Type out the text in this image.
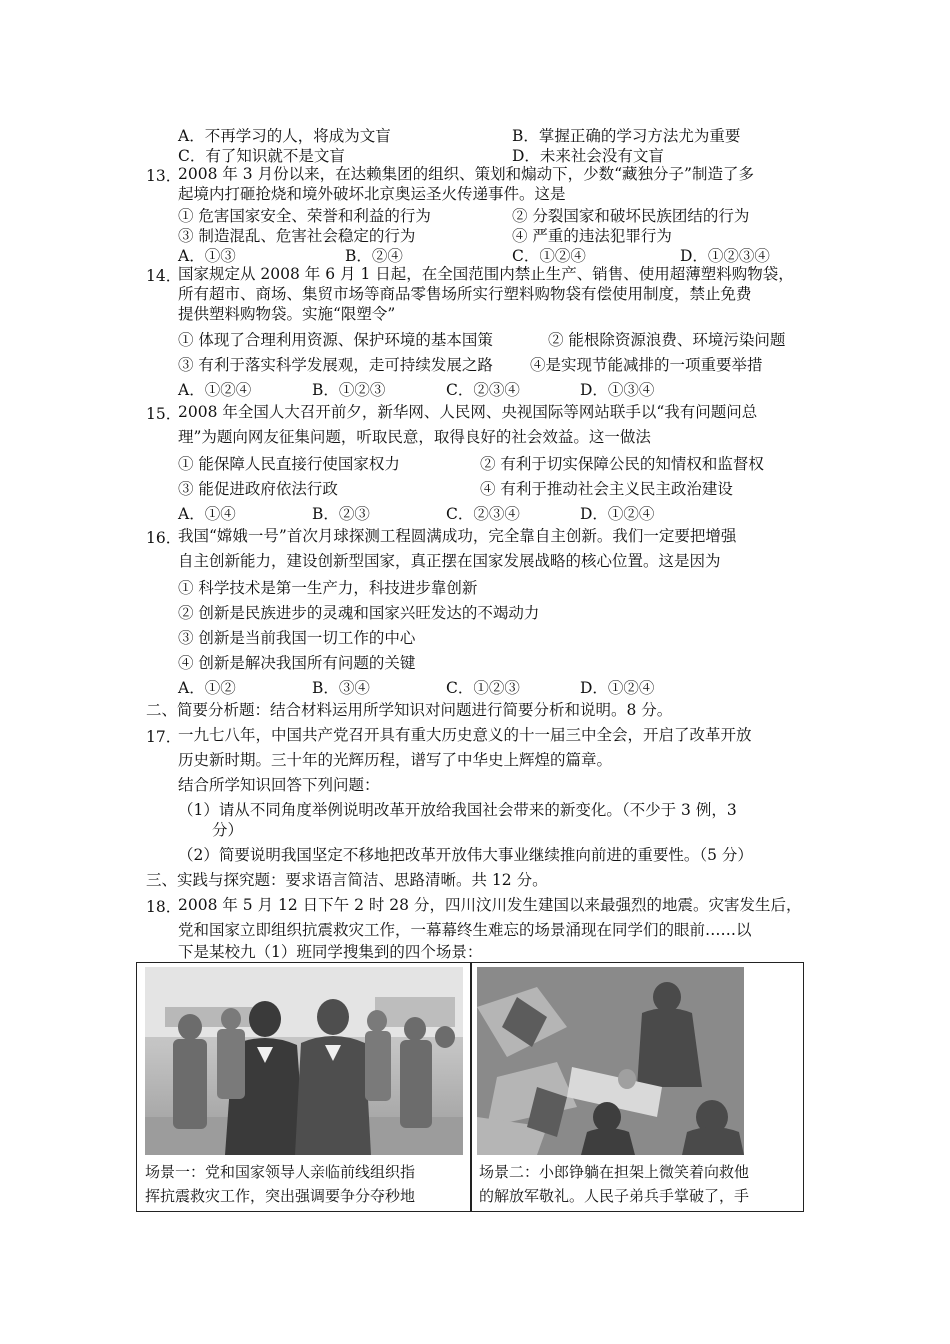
A．不再学习的人，将成为文盲	B．掌握正确的学习方法尤为重要
C．有了知识就不是文盲	D．未来社会没有文盲
13．
2008 年 3 月份以来，在达赖集团的组织、策划和煽动下，少数“藏独分子”制造了多
起境内打砸抢烧和境外破坏北京奥运圣火传递事件。这是
① 危害国家安全、荣誉和利益的行为	② 分裂国家和破坏民族团结的行为
③ 制造混乱、危害社会稳定的行为	④ 严重的违法犯罪行为
A．①③	B．②④	C．①②④	D．①②③④
14．
国家规定从 2008 年 6 月 1 日起，在全国范围内禁止生产、销售、使用超薄塑料购物袋，
所有超市、商场、集贸市场等商品零售场所实行塑料购物袋有偿使用制度，禁止免费
提供塑料购物袋。实施“限塑令”
① 体现了合理利用资源、保护环境的基本国策	② 能根除资源浪费、环境污染问题
③ 有利于落实科学发展观，走可持续发展之路 ④是实现节能减排的一项重要举措
A．①②④	B．①②③	C．②③④	D．①③④
15．
2008 年全国人大召开前夕，新华网、人民网、央视国际等网站联手以“我有问题问总
理”为题向网友征集问题，听取民意，取得良好的社会效益。这一做法
① 能保障人民直接行使国家权力	② 有利于切实保障公民的知情权和监督权
③ 能促进政府依法行政	④ 有利于推动社会主义民主政治建设
A．①④	B．②③	C．②③④	D．①②④
16．
我国“嫦娥一号”首次月球探测工程圆满成功，完全靠自主创新。我们一定要把增强
自主创新能力，建设创新型国家，真正摆在国家发展战略的核心位置。这是因为
① 科学技术是第一生产力，科技进步靠创新
② 创新是民族进步的灵魂和国家兴旺发达的不竭动力
③ 创新是当前我国一切工作的中心
④ 创新是解决我国所有问题的关键
A．①②	B．③④	C．①②③	D．①②④
二、简要分析题：结合材料运用所学知识对问题进行简要分析和说明。8 分。
17．
一九七八年，中国共产党召开具有重大历史意义的十一届三中全会，开启了改革开放
历史新时期。三十年的光辉历程，谱写了中华史上辉煌的篇章。
结合所学知识回答下列问题：
（1）请从不同角度举例说明改革开放给我国社会带来的新变化。（不少于 3 例，3
分）
（2）简要说明我国坚定不移地把改革开放伟大事业继续推向前进的重要性。（5 分）
三、实践与探究题：要求语言简洁、思路清晰。共 12 分。
18．
2008 年 5 月 12 日下午 2 时 28 分，四川汶川发生建国以来最强烈的地震。灾害发生后，
党和国家立即组织抗震救灾工作，一幕幕终生难忘的场景涌现在同学们的眼前……以
下是某校九（1）班同学搜集到的四个场景：
场景一：党和国家领导人亲临前线组织指
挥抗震救灾工作，突出强调要争分夺秒地
场景二：小郎铮躺在担架上微笑着向救他
的解放军敬礼。人民子弟兵手掌破了，手
